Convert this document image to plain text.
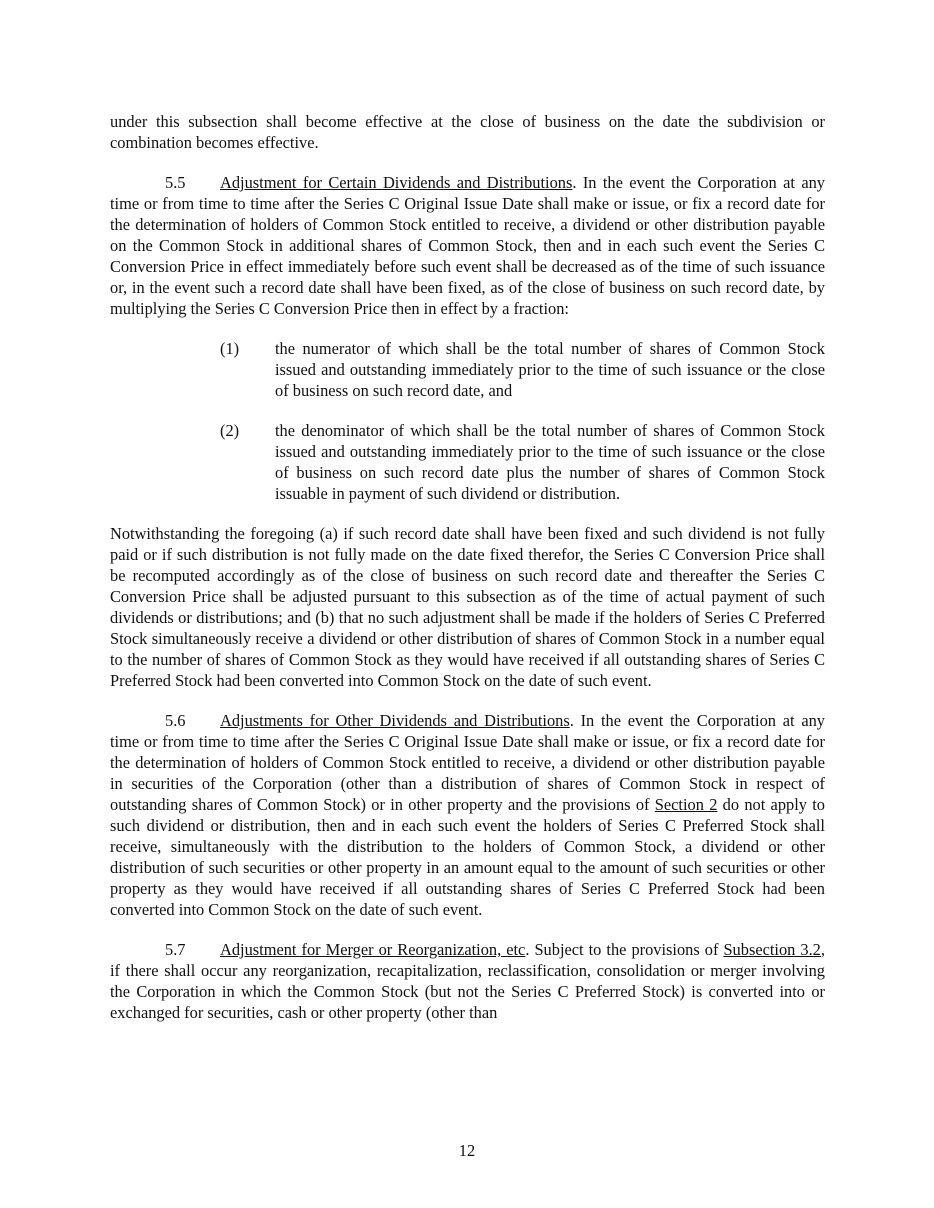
under this subsection shall become effective at the close of business on the date the subdivision or combination becomes effective.

5.5 Adjustment for Certain Dividends and Distributions. In the event the Corporation at any time or from time to time after the Series C Original Issue Date shall make or issue, or fix a record date for the determination of holders of Common Stock entitled to receive, a dividend or other distribution payable on the Common Stock in additional shares of Common Stock, then and in each such event the Series C Conversion Price in effect immediately before such event shall be decreased as of the time of such issuance or, in the event such a record date shall have been fixed, as of the close of business on such record date, by multiplying the Series C Conversion Price then in effect by a fraction:

(1)	the numerator of which shall be the total number of shares of Common Stock issued and outstanding immediately prior to the time of such issuance or the close of business on such record date, and
(2)	the denominator of which shall be the total number of shares of Common Stock issued and outstanding immediately prior to the time of such issuance or the close of business on such record date plus the number of shares of Common Stock issuable in payment of such dividend or distribution.

Notwithstanding the foregoing (a) if such record date shall have been fixed and such dividend is not fully paid or if such distribution is not fully made on the date fixed therefor, the Series C Conversion Price shall be recomputed accordingly as of the close of business on such record date and thereafter the Series C Conversion Price shall be adjusted pursuant to this subsection as of the time of actual payment of such dividends or distributions; and (b) that no such adjustment shall be made if the holders of Series C Preferred Stock simultaneously receive a dividend or other distribution of shares of Common Stock in a number equal to the number of shares of Common Stock as they would have received if all outstanding shares of Series C Preferred Stock had been converted into Common Stock on the date of such event.

5.6 Adjustments for Other Dividends and Distributions. In the event the Corporation at any time or from time to time after the Series C Original Issue Date shall make or issue, or fix a record date for the determination of holders of Common Stock entitled to receive, a dividend or other distribution payable in securities of the Corporation (other than a distribution of shares of Common Stock in respect of outstanding shares of Common Stock) or in other property and the provisions of Section 2 do not apply to such dividend or distribution, then and in each such event the holders of Series C Preferred Stock shall receive, simultaneously with the distribution to the holders of Common Stock, a dividend or other distribution of such securities or other property in an amount equal to the amount of such securities or other property as they would have received if all outstanding shares of Series C Preferred Stock had been converted into Common Stock on the date of such event.

5.7 Adjustment for Merger or Reorganization, etc. Subject to the provisions of Subsection 3.2, if there shall occur any reorganization, recapitalization, reclassification, consolidation or merger involving the Corporation in which the Common Stock (but not the Series C Preferred Stock) is converted into or exchanged for securities, cash or other property (other than

12
